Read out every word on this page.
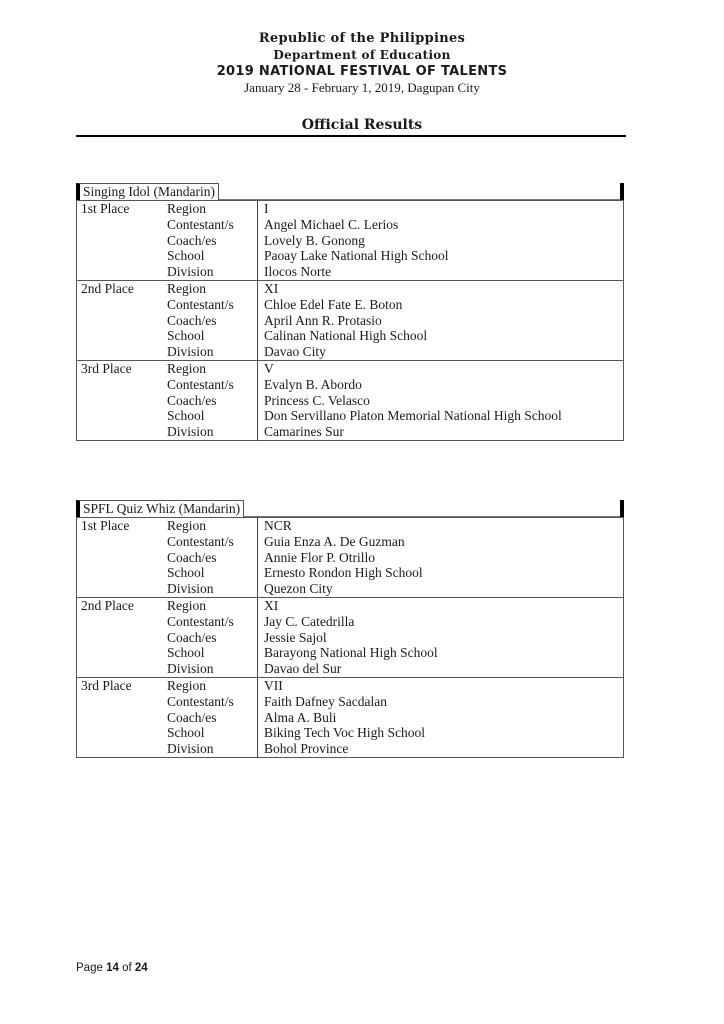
Republic of the Philippines
Department of Education
2019 NATIONAL FESTIVAL OF TALENTS
January 28 - February 1, 2019, Dagupan City
Official Results
Singing Idol (Mandarin)
1st Place	Region	I
	Contestant/s	Angel Michael C. Lerios
	Coach/es	Lovely B. Gonong
	School	Paoay Lake National High School
	Division	Ilocos Norte
2nd Place	Region	XI
	Contestant/s	Chloe Edel Fate E. Boton
	Coach/es	April Ann R. Protasio
	School	Calinan National High School
	Division	Davao City
3rd Place	Region	V
	Contestant/s	Evalyn B. Abordo
	Coach/es	Princess C. Velasco
	School	Don Servillano Platon Memorial National High School
	Division	Camarines Sur
SPFL Quiz Whiz (Mandarin)
1st Place	Region	NCR
	Contestant/s	Guia Enza A. De Guzman
	Coach/es	Annie Flor P. Otrillo
	School	Ernesto Rondon High School
	Division	Quezon City
2nd Place	Region	XI
	Contestant/s	Jay C. Catedrilla
	Coach/es	Jessie Sajol
	School	Barayong National High School
	Division	Davao del Sur
3rd Place	Region	VII
	Contestant/s	Faith Dafney Sacdalan
	Coach/es	Alma A. Buli
	School	Biking Tech Voc High School
	Division	Bohol Province
Page 14 of 24
